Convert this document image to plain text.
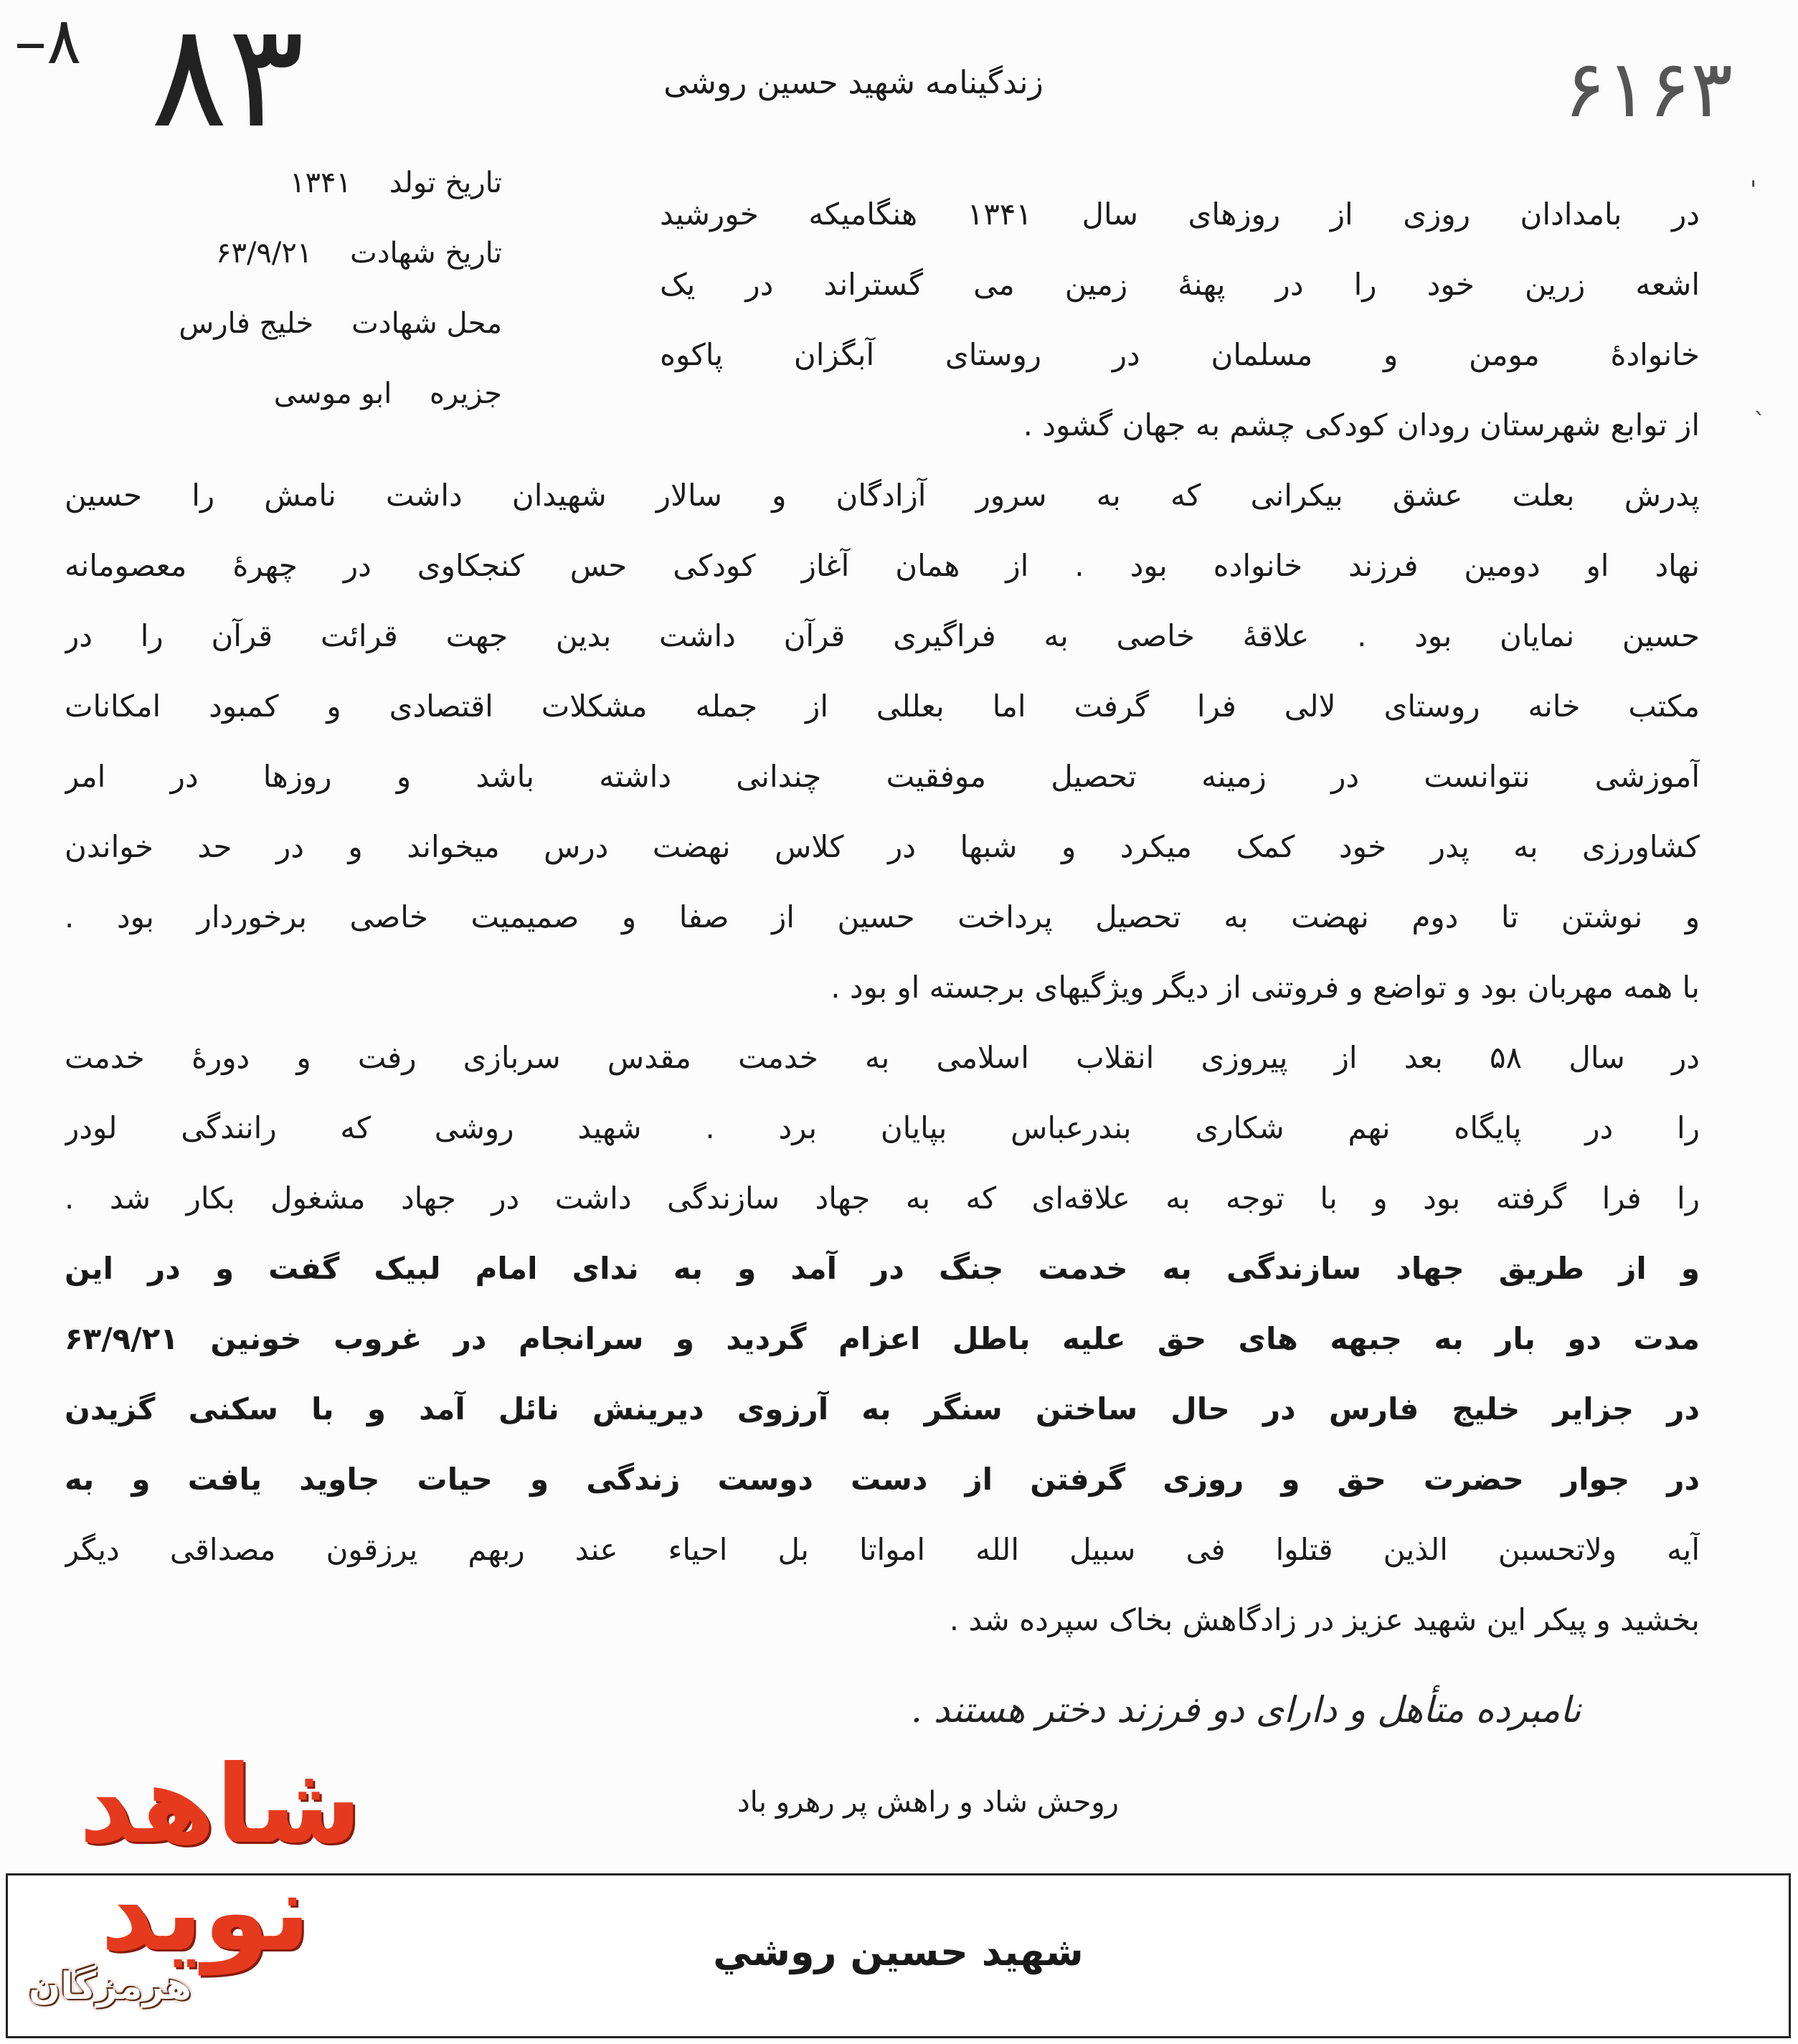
–۸ ۸۳	۶۱۶۳
زندگینامه شهید حسین روشی
تاریخ تولد ۱۳۴۱
تاریخ شهادت ۶۳/۹/۲۱
محل شهادت خلیج فارس
جزیره ابو موسی
در بامدادان روزی از روزهای سال ۱۳۴۱ هنگامیکه خورشید
اشعه زرین خود را در پهنهٔ زمین می گستراند در یک
خانوادهٔ مومن و مسلمان در روستای آبگزان پاکوه
از توابع شهرستان رودان کودکی چشم به جهان گشود .
پدرش بعلت عشق بیکرانی که به سرور آزادگان و سالار شهیدان داشت نامش را حسین
نهاد او دومین فرزند خانواده بود . از همان آغاز کودکی حس کنجکاوی در چهرهٔ معصومانه
حسین نمایان بود . علاقهٔ خاصی به فراگیری قرآن داشت بدین جهت قرائت قرآن را در
مکتب خانه روستای لالی فرا گرفت اما بعللی از جمله مشکلات اقتصادی و کمبود امکانات
آموزشی نتوانست در زمینه تحصیل موفقیت چندانی داشته باشد و روزها در امر
کشاورزی به پدر خود کمک میکرد و شبها در کلاس نهضت درس میخواند و در حد خواندن
و نوشتن تا دوم نهضت به تحصیل پرداخت حسین از صفا و صمیمیت خاصی برخوردار بود .
با همه مهربان بود و تواضع و فروتنی از دیگر ویژگیهای برجسته او بود .
در سال ۵۸ بعد از پیروزی انقلاب اسلامی به خدمت مقدس سربازی رفت و دورهٔ خدمت
را در پایگاه نهم شکاری بندرعباس بپایان برد . شهید روشی که رانندگی لودر
را فرا گرفته بود و با توجه به علاقه‌ای که به جهاد سازندگی داشت در جهاد مشغول بکار شد .
و از طریق جهاد سازندگی به خدمت جنگ در آمد و به ندای امام لبیک گفت و در این
مدت دو بار به جبهه های حق علیه باطل اعزام گردید و سرانجام در غروب خونین ۶۳/۹/۲۱
در جزایر خلیج فارس در حال ساختن سنگر به آرزوی دیرینش نائل آمد و با سکنی گزیدن
در جوار حضرت حق و روزی گرفتن از دست دوست زندگی و حیات جاوید یافت و به
آیه ولاتحسبن الذین قتلوا فی سبیل الله امواتا بل احیاء عند ربهم یرزقون مصداقی دیگر
بخشید و پیکر این شهید عزیز در زادگاهش بخاک سپرده شد .
نامبرده متأهل و دارای دو فرزند دختر هستند .
روحش شاد و راهش پر رهرو باد
'
ˎ
شهید حسین روشي
شاهد
نوید
هرمزگان
